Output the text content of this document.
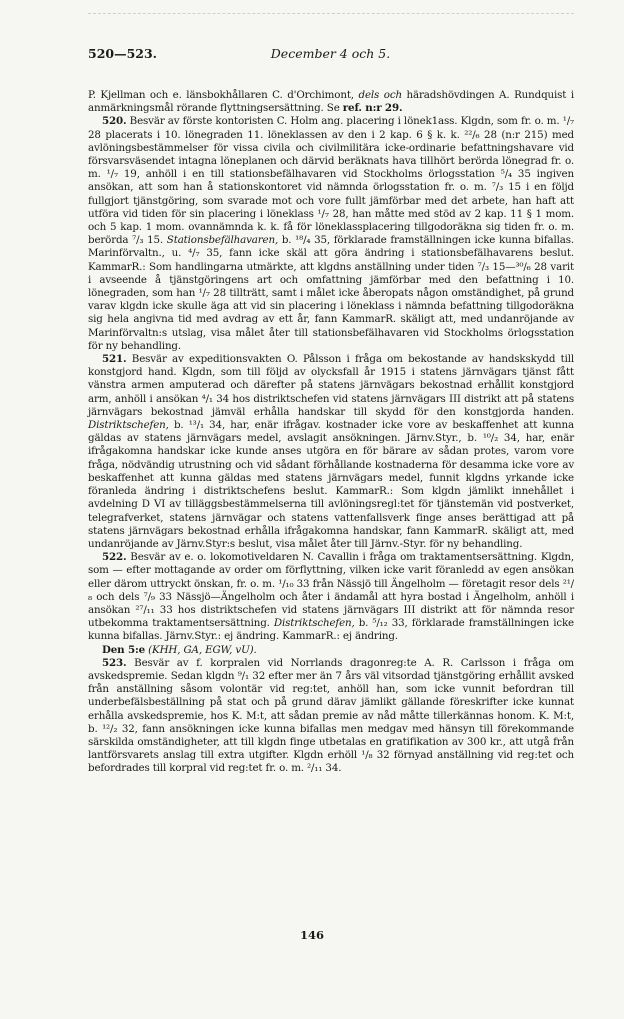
520—523.	December 4 och 5.

P. Kjellman och e. länsbokhållaren C. d'Orchimont, dels och häradshövdingen A. Rundquist i anmärkningsmål rörande flyttningsersättning. Se ref. n:r 29.

520. Besvär av förste kontoristen C. Holm ang. placering i lönek1ass. Klgdn, som fr. o. m. ¹/₇ 28 placerats i 10. lönegraden 11. löneklassen av den i 2 kap. 6 § k. k. ²²/₆ 28 (n:r 215) med avlöningsbestämmelser för vissa civila och civilmilitära icke-ordinarie befattningshavare vid försvarsväsendet intagna löneplanen och därvid beräknats hava tillhört berörda lönegrad fr. o. m. ¹/₇ 19, anhöll i en till stationsbefälhavaren vid Stockholms örlogsstation ⁵/₄ 35 ingiven ansökan, att som han å stationskontoret vid nämnda örlogsstation fr. o. m. ⁷/₃ 15 i en följd fullgjort tjänstgöring, som svarade mot och vore fullt jämförbar med det arbete, han haft att utföra vid tiden för sin placering i löneklass ¹/₇ 28, han måtte med stöd av 2 kap. 11 § 1 mom. och 5 kap. 1 mom. ovannämnda k. k. få för löneklassplacering tillgodoräkna sig tiden fr. o. m. berörda ⁷/₃ 15. Stationsbefälhavaren, b. ¹⁸/₄ 35, förklarade framställningen icke kunna bifallas. Marinförvaltn., u. ⁴/₇ 35, fann icke skäl att göra ändring i stationsbefälhavarens beslut. KammarR.: Som handlingarna utmärkte, att klgdns anställning under tiden ⁷/₃ 15—³⁰/₆ 28 varit i avseende å tjänstgöringens art och omfattning jämförbar med den befattning i 10. lönegraden, som han ¹/₇ 28 tillträtt, samt i målet icke åberopats någon omständighet, på grund varav klgdn icke skulle äga att vid sin placering i löneklass i nämnda befattning tillgodoräkna sig hela angivna tid med avdrag av ett år, fann KammarR. skäligt att, med undanröjande av Marinförvaltn:s utslag, visa målet åter till stationsbefälhavaren vid Stockholms örlogsstation för ny behandling.

521. Besvär av expeditionsvakten O. Pålsson i fråga om bekostande av handskskydd till konstgjord hand. Klgdn, som till följd av olycksfall år 1915 i statens järnvägars tjänst fått vänstra armen amputerad och därefter på statens järnvägars bekostnad erhållit konstgjord arm, anhöll i ansökan ⁴/₁ 34 hos distriktschefen vid statens järnvägars III distrikt att på statens järnvägars bekostnad jämväl erhålla handskar till skydd för den konstgjorda handen. Distriktschefen, b. ¹³/₁ 34, har, enär ifrågav. kostnader icke vore av beskaffenhet att kunna gäldas av statens järnvägars medel, avslagit ansökningen. Järnv.Styr., b. ¹⁰/₂ 34, har, enär ifrågakomna handskar icke kunde anses utgöra en för bärare av sådan protes, varom vore fråga, nödvändig utrustning och vid sådant förhållande kostnaderna för desamma icke vore av beskaffenhet att kunna gäldas med statens järnvägars medel, funnit klgdns yrkande icke föranleda ändring i distriktschefens beslut. KammarR.: Som klgdn jämlikt innehållet i avdelning D VI av tilläggsbestämmelserna till avlöningsregl:tet för tjänstemän vid postverket, telegrafverket, statens järnvägar och statens vattenfallsverk finge anses berättigad att på statens järnvägars bekostnad erhålla ifrågakomna handskar, fann KammarR. skäligt att, med undanröjande av Järnv.Styr:s beslut, visa målet åter till Järnv.-Styr. för ny behandling.

522. Besvär av e. o. lokomotiveldaren N. Cavallin i fråga om traktamentsersättning. Klgdn, som — efter mottagande av order om förflyttning, vilken icke varit föranledd av egen ansökan eller därom uttryckt önskan, fr. o. m. ¹/₁₀ 33 från Nässjö till Ängelholm — företagit resor dels ²¹/₈ och dels ⁷/₉ 33 Nässjö—Ängelholm och åter i ändamål att hyra bostad i Ängelholm, anhöll i ansökan ²⁷/₁₁ 33 hos distriktschefen vid statens järnvägars III distrikt att för nämnda resor utbekomma traktamentsersättning. Distriktschefen, b. ⁵/₁₂ 33, förklarade framställningen icke kunna bifallas. Järnv.Styr.: ej ändring. KammarR.: ej ändring.

Den 5:e (KHH, GA, EGW, vU).

523. Besvär av f. korpralen vid Norrlands dragonreg:te A. R. Carlsson i fråga om avskedspremie. Sedan klgdn ⁹/₁ 32 efter mer än 7 års väl vitsordad tjänstgöring erhållit avsked från anställning såsom volontär vid reg:tet, anhöll han, som icke vunnit befordran till underbefälsbeställning på stat och på grund därav jämlikt gällande föreskrifter icke kunnat erhålla avskedspremie, hos K. M:t, att sådan premie av nåd måtte tillerkännas honom. K. M:t, b. ¹²/₂ 32, fann ansökningen icke kunna bifallas men medgav med hänsyn till förekommande särskilda omständigheter, att till klgdn finge utbetalas en gratifikation av 300 kr., att utgå från lantförsvarets anslag till extra utgifter. Klgdn erhöll ¹/₈ 32 förnyad anställning vid reg:tet och befordrades till korpral vid reg:tet fr. o. m. ²/₁₁ 34.

146
